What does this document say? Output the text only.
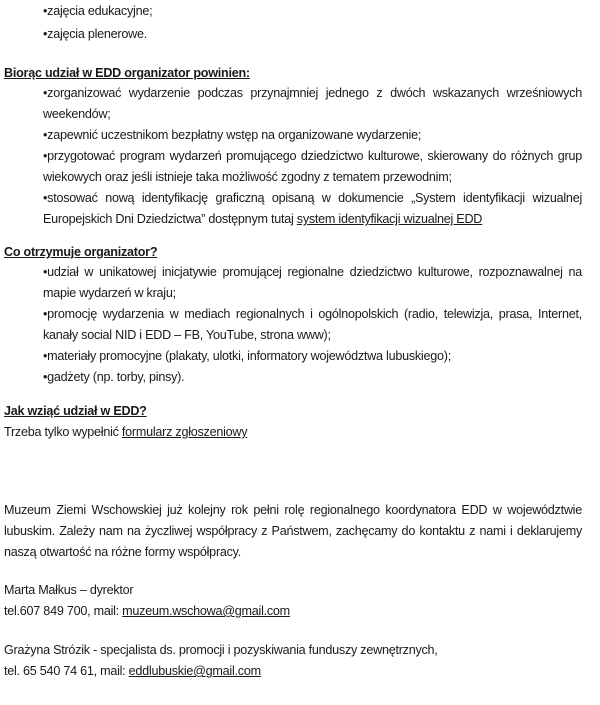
•zajęcia edukacyjne;
•zajęcia plenerowe.
Biorąc udział w EDD organizator powinien:
•zorganizować wydarzenie podczas przynajmniej jednego z dwóch wskazanych wrześniowych
weekendów;
•zapewnić uczestnikom bezpłatny wstęp na organizowane wydarzenie;
•przygotować program wydarzeń promującego dziedzictwo kulturowe, skierowany do różnych grup
wiekowych oraz jeśli istnieje taka możliwość zgodny z tematem przewodnim;
•stosować nową identyfikację graficzną opisaną w dokumencie „System identyfikacji wizualnej
Europejskich Dni Dziedzictwa” dostępnym tutaj system identyfikacji wizualnej EDD
Co otrzymuje organizator?
•udział w unikatowej inicjatywie promującej regionalne dziedzictwo kulturowe, rozpoznawalnej na
mapie wydarzeń w kraju;
•promocję wydarzenia w mediach regionalnych i ogólnopolskich (radio, telewizja, prasa, Internet,
kanały social NID i EDD – FB, YouTube, strona www);
•materiały promocyjne (plakaty, ulotki, informatory województwa lubuskiego);
•gadżety (np. torby, pinsy).
Jak wziąć udział w EDD?
Trzeba tylko wypełnić formularz zgłoszeniowy
Muzeum Ziemi Wschowskiej już kolejny rok pełni rolę regionalnego koordynatora EDD w województwie
lubuskim. Zależy nam na życzliwej współpracy z Państwem, zachęcamy do kontaktu z nami i deklarujemy
naszą otwartość na różne formy współpracy.
Marta Małkus – dyrektor
tel.607 849 700, mail: muzeum.wschowa@gmail.com
Grażyna Strózik - specjalista ds. promocji i pozyskiwania funduszy zewnętrznych,
tel. 65 540 74 61, mail: eddlubuskie@gmail.com
